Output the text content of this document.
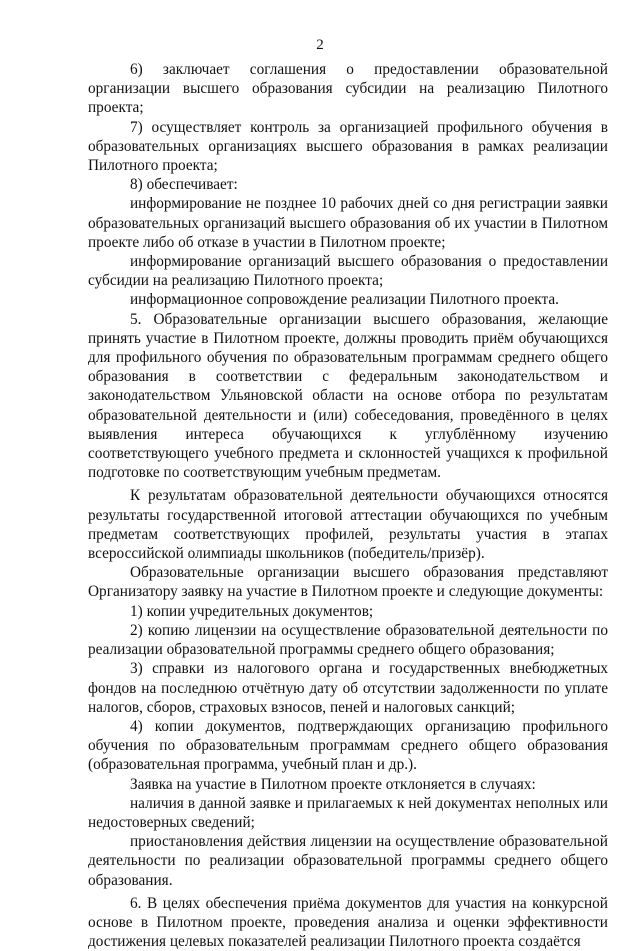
2

6) заключает соглашения о предоставлении образовательной организации высшего образования субсидии на реализацию Пилотного проекта;

7) осуществляет контроль за организацией профильного обучения в образовательных организациях высшего образования в рамках реализации Пилотного проекта;

8) обеспечивает:

информирование не позднее 10 рабочих дней со дня регистрации заявки образовательных организаций высшего образования об их участии в Пилотном проекте либо об отказе в участии в Пилотном проекте;

информирование организаций высшего образования о предоставлении субсидии на реализацию Пилотного проекта;

информационное сопровождение реализации Пилотного проекта.

5. Образовательные организации высшего образования, желающие принять участие в Пилотном проекте, должны проводить приём обучающихся для профильного обучения по образовательным программам среднего общего образования в соответствии с федеральным законодательством и законодательством Ульяновской области на основе отбора по результатам образовательной деятельности и (или) собеседования, проведённого в целях выявления интереса обучающихся к углублённому изучению соответствующего учебного предмета и склонностей учащихся к профильной подготовке по соответствующим учебным предметам.

К результатам образовательной деятельности обучающихся относятся результаты государственной итоговой аттестации обучающихся по учебным предметам соответствующих профилей, результаты участия в этапах всероссийской олимпиады школьников (победитель/призёр).

Образовательные организации высшего образования представляют Организатору заявку на участие в Пилотном проекте и следующие документы:

1) копии учредительных документов;

2) копию лицензии на осуществление образовательной деятельности по реализации образовательной программы среднего общего образования;

3) справки из налогового органа и государственных внебюджетных фондов на последнюю отчётную дату об отсутствии задолженности по уплате налогов, сборов, страховых взносов, пеней и налоговых санкций;

4) копии документов, подтверждающих организацию профильного обучения по образовательным программам среднего общего образования (образовательная программа, учебный план и др.).

Заявка на участие в Пилотном проекте отклоняется в случаях:

наличия в данной заявке и прилагаемых к ней документах неполных или недостоверных сведений;

приостановления действия лицензии на осуществление образовательной деятельности по реализации образовательной программы среднего общего образования.

6. В целях обеспечения приёма документов для участия на конкурсной основе в Пилотном проекте, проведения анализа и оценки эффективности достижения целевых показателей реализации Пилотного проекта создаётся
